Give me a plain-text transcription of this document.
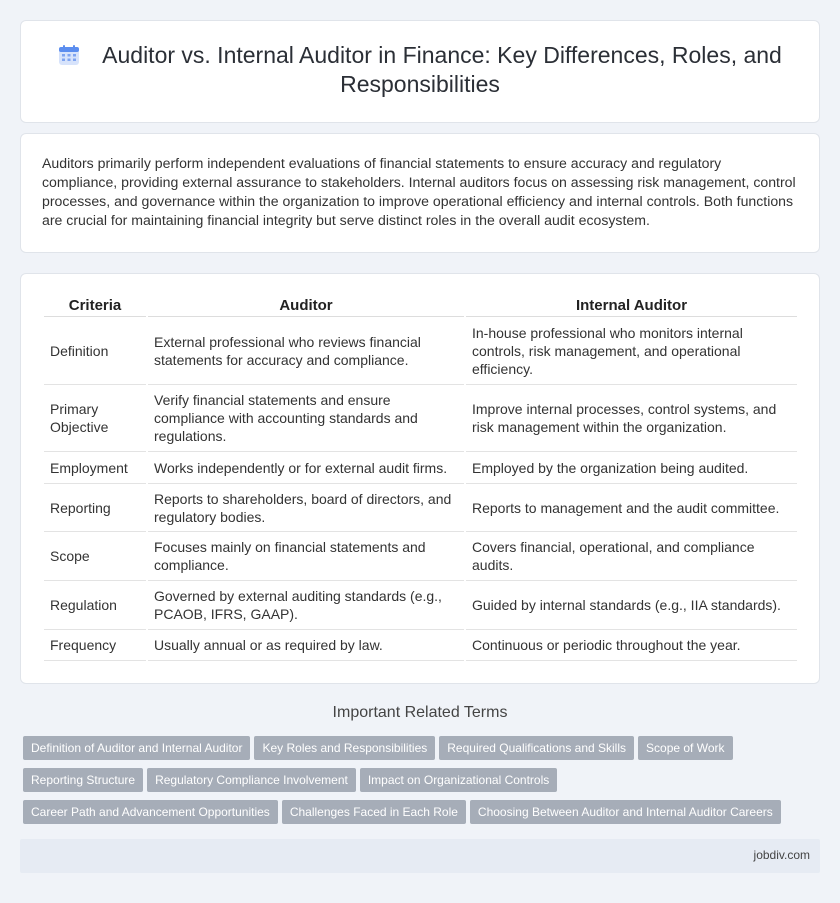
Auditor vs. Internal Auditor in Finance: Key Differences, Roles, and Responsibilities

Auditors primarily perform independent evaluations of financial statements to ensure accuracy and regulatory compliance, providing external assurance to stakeholders. Internal auditors focus on assessing risk management, control processes, and governance within the organization to improve operational efficiency and internal controls. Both functions are crucial for maintaining financial integrity but serve distinct roles in the overall audit ecosystem.

Criteria	Auditor	Internal Auditor
Definition	External professional who reviews financial statements for accuracy and compliance.	In-house professional who monitors internal controls, risk management, and operational efficiency.
Primary Objective	Verify financial statements and ensure compliance with accounting standards and regulations.	Improve internal processes, control systems, and risk management within the organization.
Employment	Works independently or for external audit firms.	Employed by the organization being audited.
Reporting	Reports to shareholders, board of directors, and regulatory bodies.	Reports to management and the audit committee.
Scope	Focuses mainly on financial statements and compliance.	Covers financial, operational, and compliance audits.
Regulation	Governed by external auditing standards (e.g., PCAOB, IFRS, GAAP).	Guided by internal standards (e.g., IIA standards).
Frequency	Usually annual or as required by law.	Continuous or periodic throughout the year.
Important Related Terms
Definition of Auditor and Internal Auditor Key Roles and Responsibilities Required Qualifications and Skills Scope of Work
Reporting Structure Regulatory Compliance Involvement Impact on Organizational Controls
Career Path and Advancement Opportunities Challenges Faced in Each Role Choosing Between Auditor and Internal Auditor Careers
jobdiv.com
